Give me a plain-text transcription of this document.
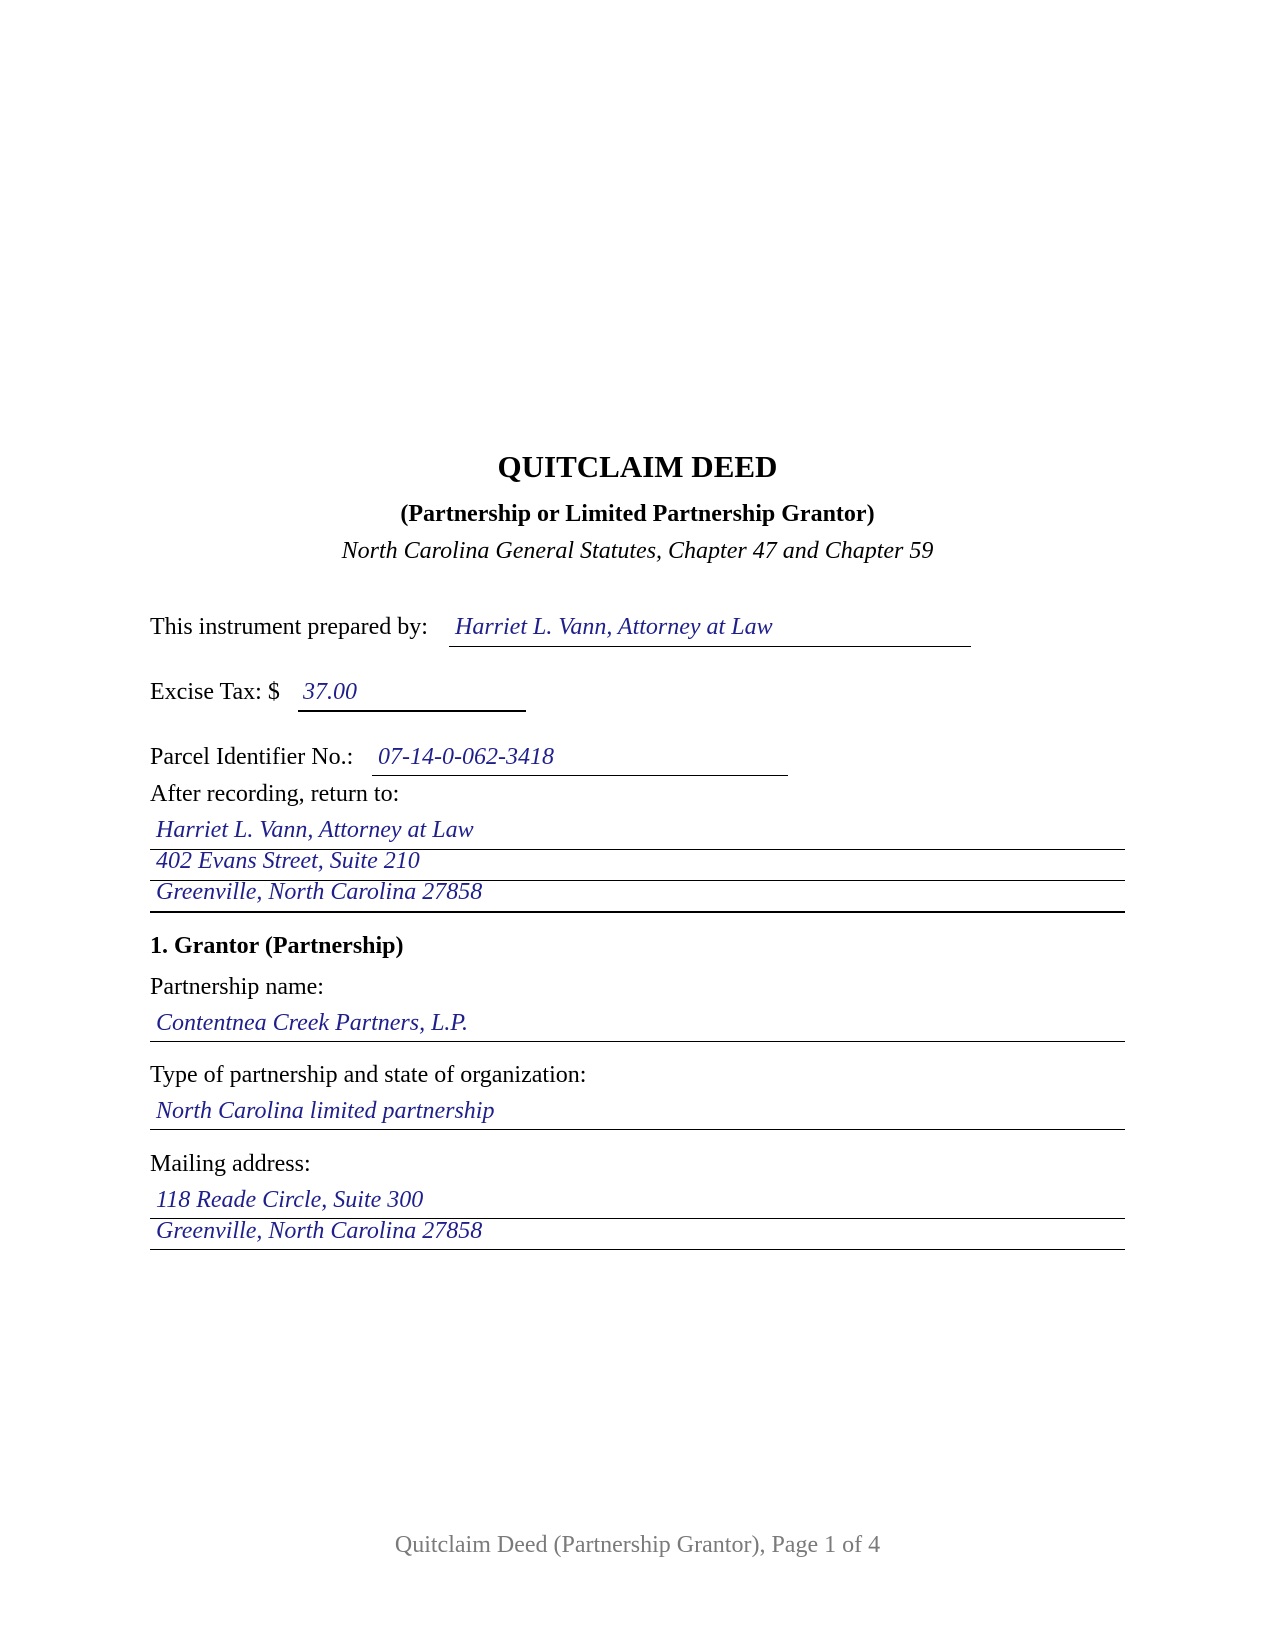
QUITCLAIM DEED
(Partnership or Limited Partnership Grantor)
North Carolina General Statutes, Chapter 47 and Chapter 59
This instrument prepared by: Harriet L. Vann, Attorney at Law
Excise Tax: $ 37.00
Parcel Identifier No.: 07-14-0-062-3418
After recording, return to:
Harriet L. Vann, Attorney at Law
402 Evans Street, Suite 210
Greenville, North Carolina 27858
1. Grantor (Partnership)
Partnership name:
Contentnea Creek Partners, L.P.
Type of partnership and state of organization:
North Carolina limited partnership
Mailing address:
118 Reade Circle, Suite 300
Greenville, North Carolina 27858
Quitclaim Deed (Partnership Grantor), Page 1 of 4
